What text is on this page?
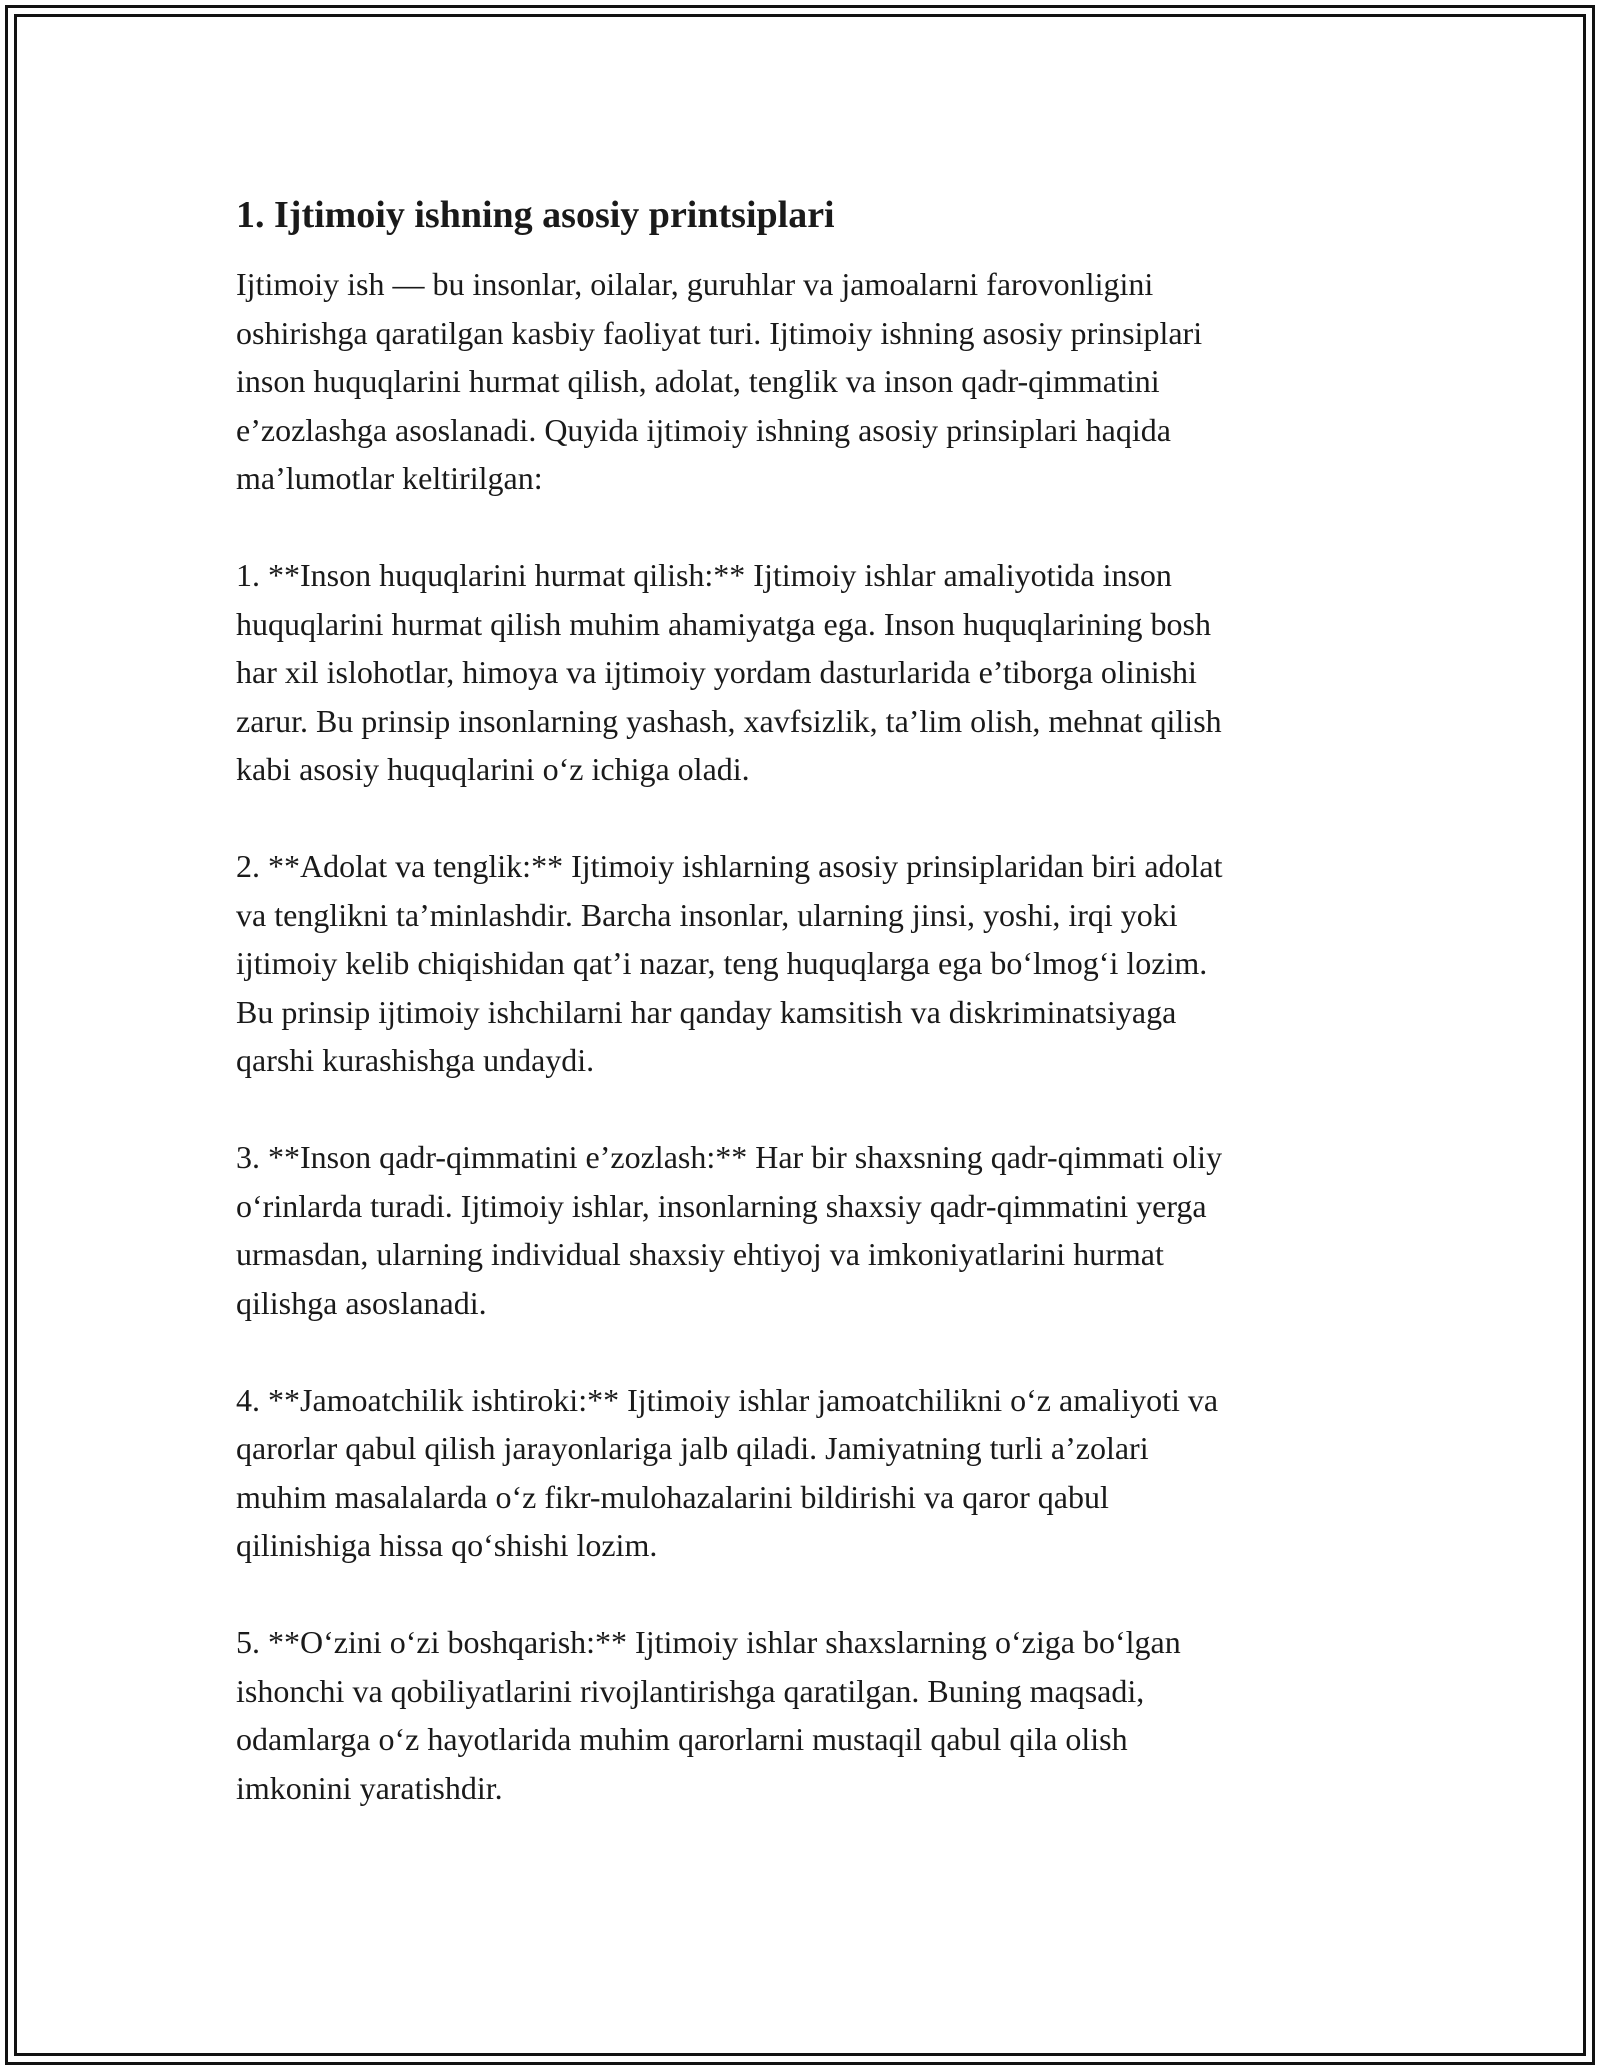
1. Ijtimoiy ishning asosiy printsiplari

Ijtimoiy ish — bu insonlar, oilalar, guruhlar va jamoalarni farovonligini
oshirishga qaratilgan kasbiy faoliyat turi. Ijtimoiy ishning asosiy prinsiplari
inson huquqlarini hurmat qilish, adolat, tenglik va inson qadr-qimmatini
e’zozlashga asoslanadi. Quyida ijtimoiy ishning asosiy prinsiplari haqida
ma’lumotlar keltirilgan:

1. **Inson huquqlarini hurmat qilish:** Ijtimoiy ishlar amaliyotida inson
huquqlarini hurmat qilish muhim ahamiyatga ega. Inson huquqlarining bosh
har xil islohotlar, himoya va ijtimoiy yordam dasturlarida e’tiborga olinishi
zarur. Bu prinsip insonlarning yashash, xavfsizlik, ta’lim olish, mehnat qilish
kabi asosiy huquqlarini o‘z ichiga oladi.

2. **Adolat va tenglik:** Ijtimoiy ishlarning asosiy prinsiplaridan biri adolat
va tenglikni ta’minlashdir. Barcha insonlar, ularning jinsi, yoshi, irqi yoki
ijtimoiy kelib chiqishidan qat’i nazar, teng huquqlarga ega bo‘lmog‘i lozim.
Bu prinsip ijtimoiy ishchilarni har qanday kamsitish va diskriminatsiyaga
qarshi kurashishga undaydi.

3. **Inson qadr-qimmatini e’zozlash:** Har bir shaxsning qadr-qimmati oliy
o‘rinlarda turadi. Ijtimoiy ishlar, insonlarning shaxsiy qadr-qimmatini yerga
urmasdan, ularning individual shaxsiy ehtiyoj va imkoniyatlarini hurmat
qilishga asoslanadi.

4. **Jamoatchilik ishtiroki:** Ijtimoiy ishlar jamoatchilikni o‘z amaliyoti va
qarorlar qabul qilish jarayonlariga jalb qiladi. Jamiyatning turli a’zolari
muhim masalalarda o‘z fikr-mulohazalarini bildirishi va qaror qabul
qilinishiga hissa qo‘shishi lozim.

5. **O‘zini o‘zi boshqarish:** Ijtimoiy ishlar shaxslarning o‘ziga bo‘lgan
ishonchi va qobiliyatlarini rivojlantirishga qaratilgan. Buning maqsadi,
odamlarga o‘z hayotlarida muhim qarorlarni mustaqil qabul qila olish
imkonini yaratishdir.
